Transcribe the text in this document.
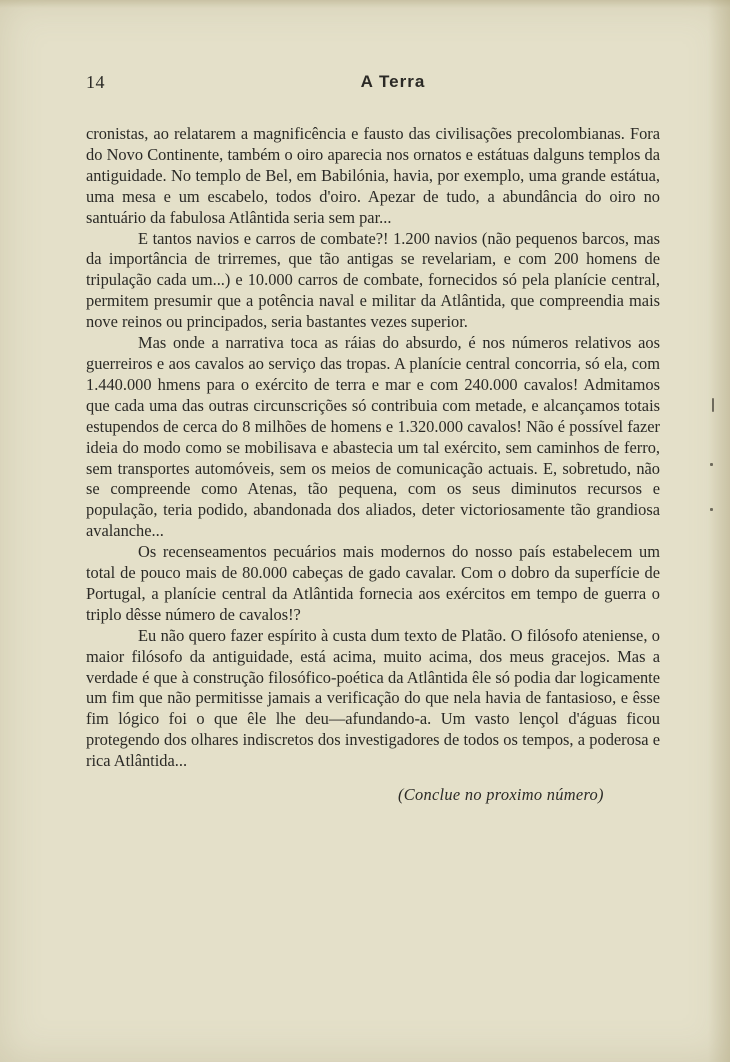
14	A Terra

cronistas, ao relatarem a magnificência e fausto das civilisações precolombianas. Fora do Novo Continente, também o oiro aparecia nos ornatos e estátuas dalguns templos da antiguidade. No templo de Bel, em Babilónia, havia, por exemplo, uma grande estátua, uma mesa e um escabelo, todos d'oiro. Apezar de tudo, a abundância do oiro no santuário da fabulosa Atlântida seria sem par...

E tantos navios e carros de combate?! 1.200 navios (não pequenos barcos, mas da importância de trirremes, que tão antigas se revelariam, e com 200 homens de tripulação cada um...) e 10.000 carros de combate, fornecidos só pela planície central, permitem presumir que a potência naval e militar da Atlântida, que compreendia mais nove reinos ou principados, seria bastantes vezes superior.

Mas onde a narrativa toca as ráias do absurdo, é nos números relativos aos guerreiros e aos cavalos ao serviço das tropas. A planície central concorria, só ela, com 1.440.000 hmens para o exército de terra e mar e com 240.000 cavalos! Admitamos que cada uma das outras circunscrições só contribuia com metade, e alcançamos totais estupendos de cerca do 8 milhões de homens e 1.320.000 cavalos! Não é possível fazer ideia do modo como se mobilisava e abastecia um tal exército, sem caminhos de ferro, sem transportes automóveis, sem os meios de comunicação actuais. E, sobretudo, não se compreende como Atenas, tão pequena, com os seus diminutos recursos e população, teria podido, abandonada dos aliados, deter victoriosamente tão grandiosa avalanche...

Os recenseamentos pecuários mais modernos do nosso país estabelecem um total de pouco mais de 80.000 cabeças de gado cavalar. Com o dobro da superfície de Portugal, a planície central da Atlântida fornecia aos exércitos em tempo de guerra o triplo dêsse número de cavalos!?

Eu não quero fazer espírito à custa dum texto de Platão. O filósofo ateniense, o maior filósofo da antiguidade, está acima, muito acima, dos meus gracejos. Mas a verdade é que à construção filosófico-poética da Atlântida êle só podia dar logicamente um fim que não permitisse jamais a verificação do que nela havia de fantasioso, e êsse fim lógico foi o que êle lhe deu—afundando-a. Um vasto lençol d'águas ficou protegendo dos olhares indiscretos dos investigadores de todos os tempos, a poderosa e rica Atlântida...

(Conclue no proximo número)
